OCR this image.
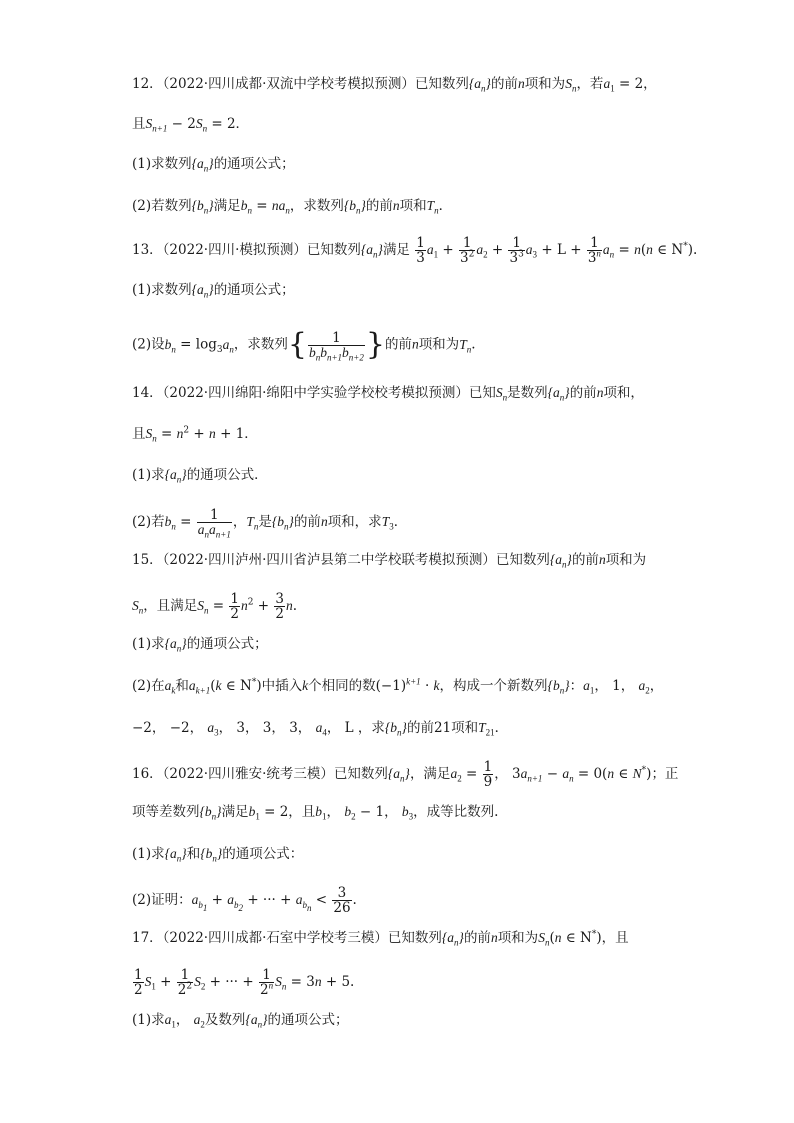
12．（2022·四川成都·双流中学校考模拟预测）已知数列$\{a_n\}$的前n项和为$S_n$，若$a_1 = 2$，
且$S_{n+1} - 2S_n = 2$．
(1)求数列$\{a_n\}$的通项公式；
(2)若数列$\{b_n\}$满足$b_n = na_n$，求数列$\{b_n\}$的前n项和$T_n$．
13．（2022·四川·模拟预测）已知数列$\{a_n\}$满足 $\frac{1}{3} a_1 + \frac{1}{3^2} a_2 + \frac{1}{3^3} a_3 + L + \frac{1}{3^n} a_n = n(n$ ∈ N*).
(1)求数列$\{a_n\}$的通项公式；
(2)设$b_n = \log_3a_n$，求数列{ $\frac{1}{b_nb_{n+1}b_{n+2}}$ }的前n项和为$T_n$.
14．（2022·四川绵阳·绵阳中学实验学校校考模拟预测）已知$S_n$是数列$\{a_n\}$的前n项和，
且$S_n = n^2 + n + 1$．
(1)求$\{a_n\}$的通项公式．
(2)若$b_n = \frac{1}{a_na_{n+1}}$ ，$T_n$是$\{b_n\}$的前n项和，求$T_3$．
15．（2022·四川泸州·四川省泸县第二中学校联考模拟预测）已知数列$\{a_n\}$的前n项和为
$S_n$，且满足$S_n = \frac{1}{2} n^2 + \frac{3}{2} n$.
(1)求$\{a_n\}$的通项公式；
(2)在$a_k$和$a_{k+1}(k$ ∈ N*)中插入k个相同的数$(-1)^{k+1} \cdot k$，构成一个新数列$\{b_n\}$：$a_1$， 1， $a_2$，
−2， −2， $a_3$， 3， 3， 3， $a_4$， L ，求$\{b_n\}$的前21项和$T_{21}$．
16．（2022·四川雅安·统考三模）已知数列$\{a_n\}$，满足$a_2 = \frac{1}{9}$ ， $3a_{n+1} - a_n = 0(n$ ∈ N*)；正
项等差数列$\{b_n\}$满足$b_1 = 2$，且$b_1$， $b_2 - 1$， $b_3$，成等比数列.
(1)求$\{a_n\}$和$\{b_n\}$的通项公式：
(2)证明：$a_{b_1} + a_{b_2}$ + ··· + $a_{b_n} < \frac{3}{26}$ .
17．（2022·四川成都·石室中学校考三模）已知数列$\{a_n\}$的前n项和为$S_n(n$ ∈ N*)，且
$\frac{1}{2} S_1 + \frac{1}{2^2} S_2$ + ··· + $\frac{1}{2^n} S_n = 3n + 5$.
(1)求$a_1$， $a_2$及数列$\{a_n\}$的通项公式；
